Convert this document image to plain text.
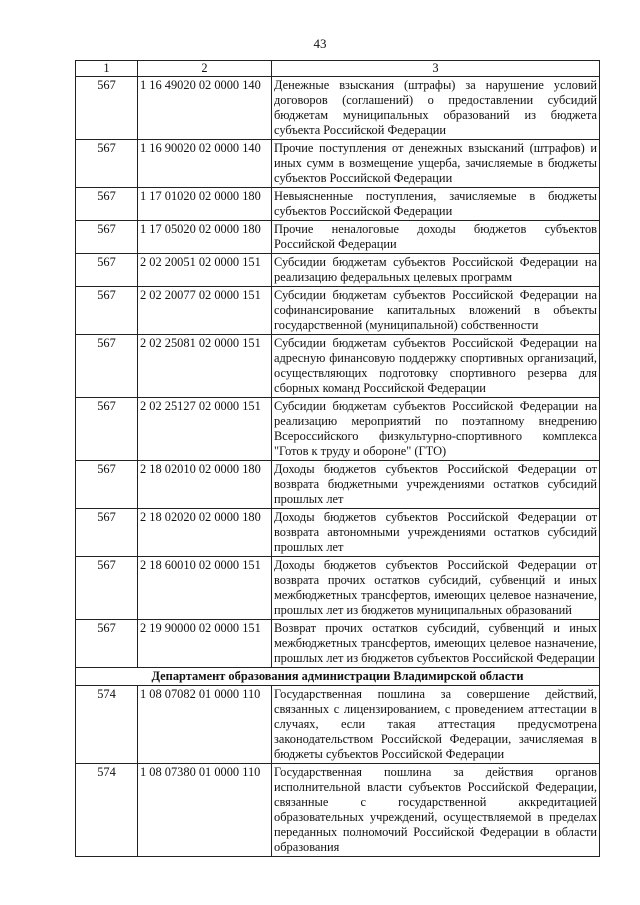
43
1	2	3
567	1 16 49020 02 0000 140	Денежные взыскания (штрафы) за нарушение условий договоров (соглашений) о предоставлении субсидий бюджетам муниципальных образований из бюджета субъекта Российской Федерации
567	1 16 90020 02 0000 140	Прочие поступления от денежных взысканий (штрафов) и иных сумм в возмещение ущерба, зачисляемые в бюджеты субъектов Российской Федерации
567	1 17 01020 02 0000 180	Невыясненные поступления, зачисляемые в бюджеты субъектов Российской Федерации
567	1 17 05020 02 0000 180	Прочие неналоговые доходы бюджетов субъектов Российской Федерации
567	2 02 20051 02 0000 151	Субсидии бюджетам субъектов Российской Федерации на реализацию федеральных целевых программ
567	2 02 20077 02 0000 151	Субсидии бюджетам субъектов Российской Федерации на софинансирование капитальных вложений в объекты государственной (муниципальной) собственности
567	2 02 25081 02 0000 151	Субсидии бюджетам субъектов Российской Федерации на адресную финансовую поддержку спортивных организаций, осуществляющих подготовку спортивного резерва для сборных команд Российской Федерации
567	2 02 25127 02 0000 151	Субсидии бюджетам субъектов Российской Федерации на реализацию мероприятий по поэтапному внедрению Всероссийского физкультурно-спортивного комплекса "Готов к труду и обороне" (ГТО)
567	2 18 02010 02 0000 180	Доходы бюджетов субъектов Российской Федерации от возврата бюджетными учреждениями остатков субсидий прошлых лет
567	2 18 02020 02 0000 180	Доходы бюджетов субъектов Российской Федерации от возврата автономными учреждениями остатков субсидий прошлых лет
567	2 18 60010 02 0000 151	Доходы бюджетов субъектов Российской Федерации от возврата прочих остатков субсидий, субвенций и иных межбюджетных трансфертов, имеющих целевое назначение, прошлых лет из бюджетов муниципальных образований
567	2 19 90000 02 0000 151	Возврат прочих остатков субсидий, субвенций и иных межбюджетных трансфертов, имеющих целевое назначение, прошлых лет из бюджетов субъектов Российской Федерации
Департамент образования администрации Владимирской области		
574	1 08 07082 01 0000 110	Государственная пошлина за совершение действий, связанных с лицензированием, с проведением аттестации в случаях, если такая аттестация предусмотрена законодательством Российской Федерации, зачисляемая в бюджеты субъектов Российской Федерации
574	1 08 07380 01 0000 110	Государственная пошлина за действия органов исполнительной власти субъектов Российской Федерации, связанные с государственной аккредитацией образовательных учреждений, осуществляемой в пределах переданных полномочий Российской Федерации в области образования
